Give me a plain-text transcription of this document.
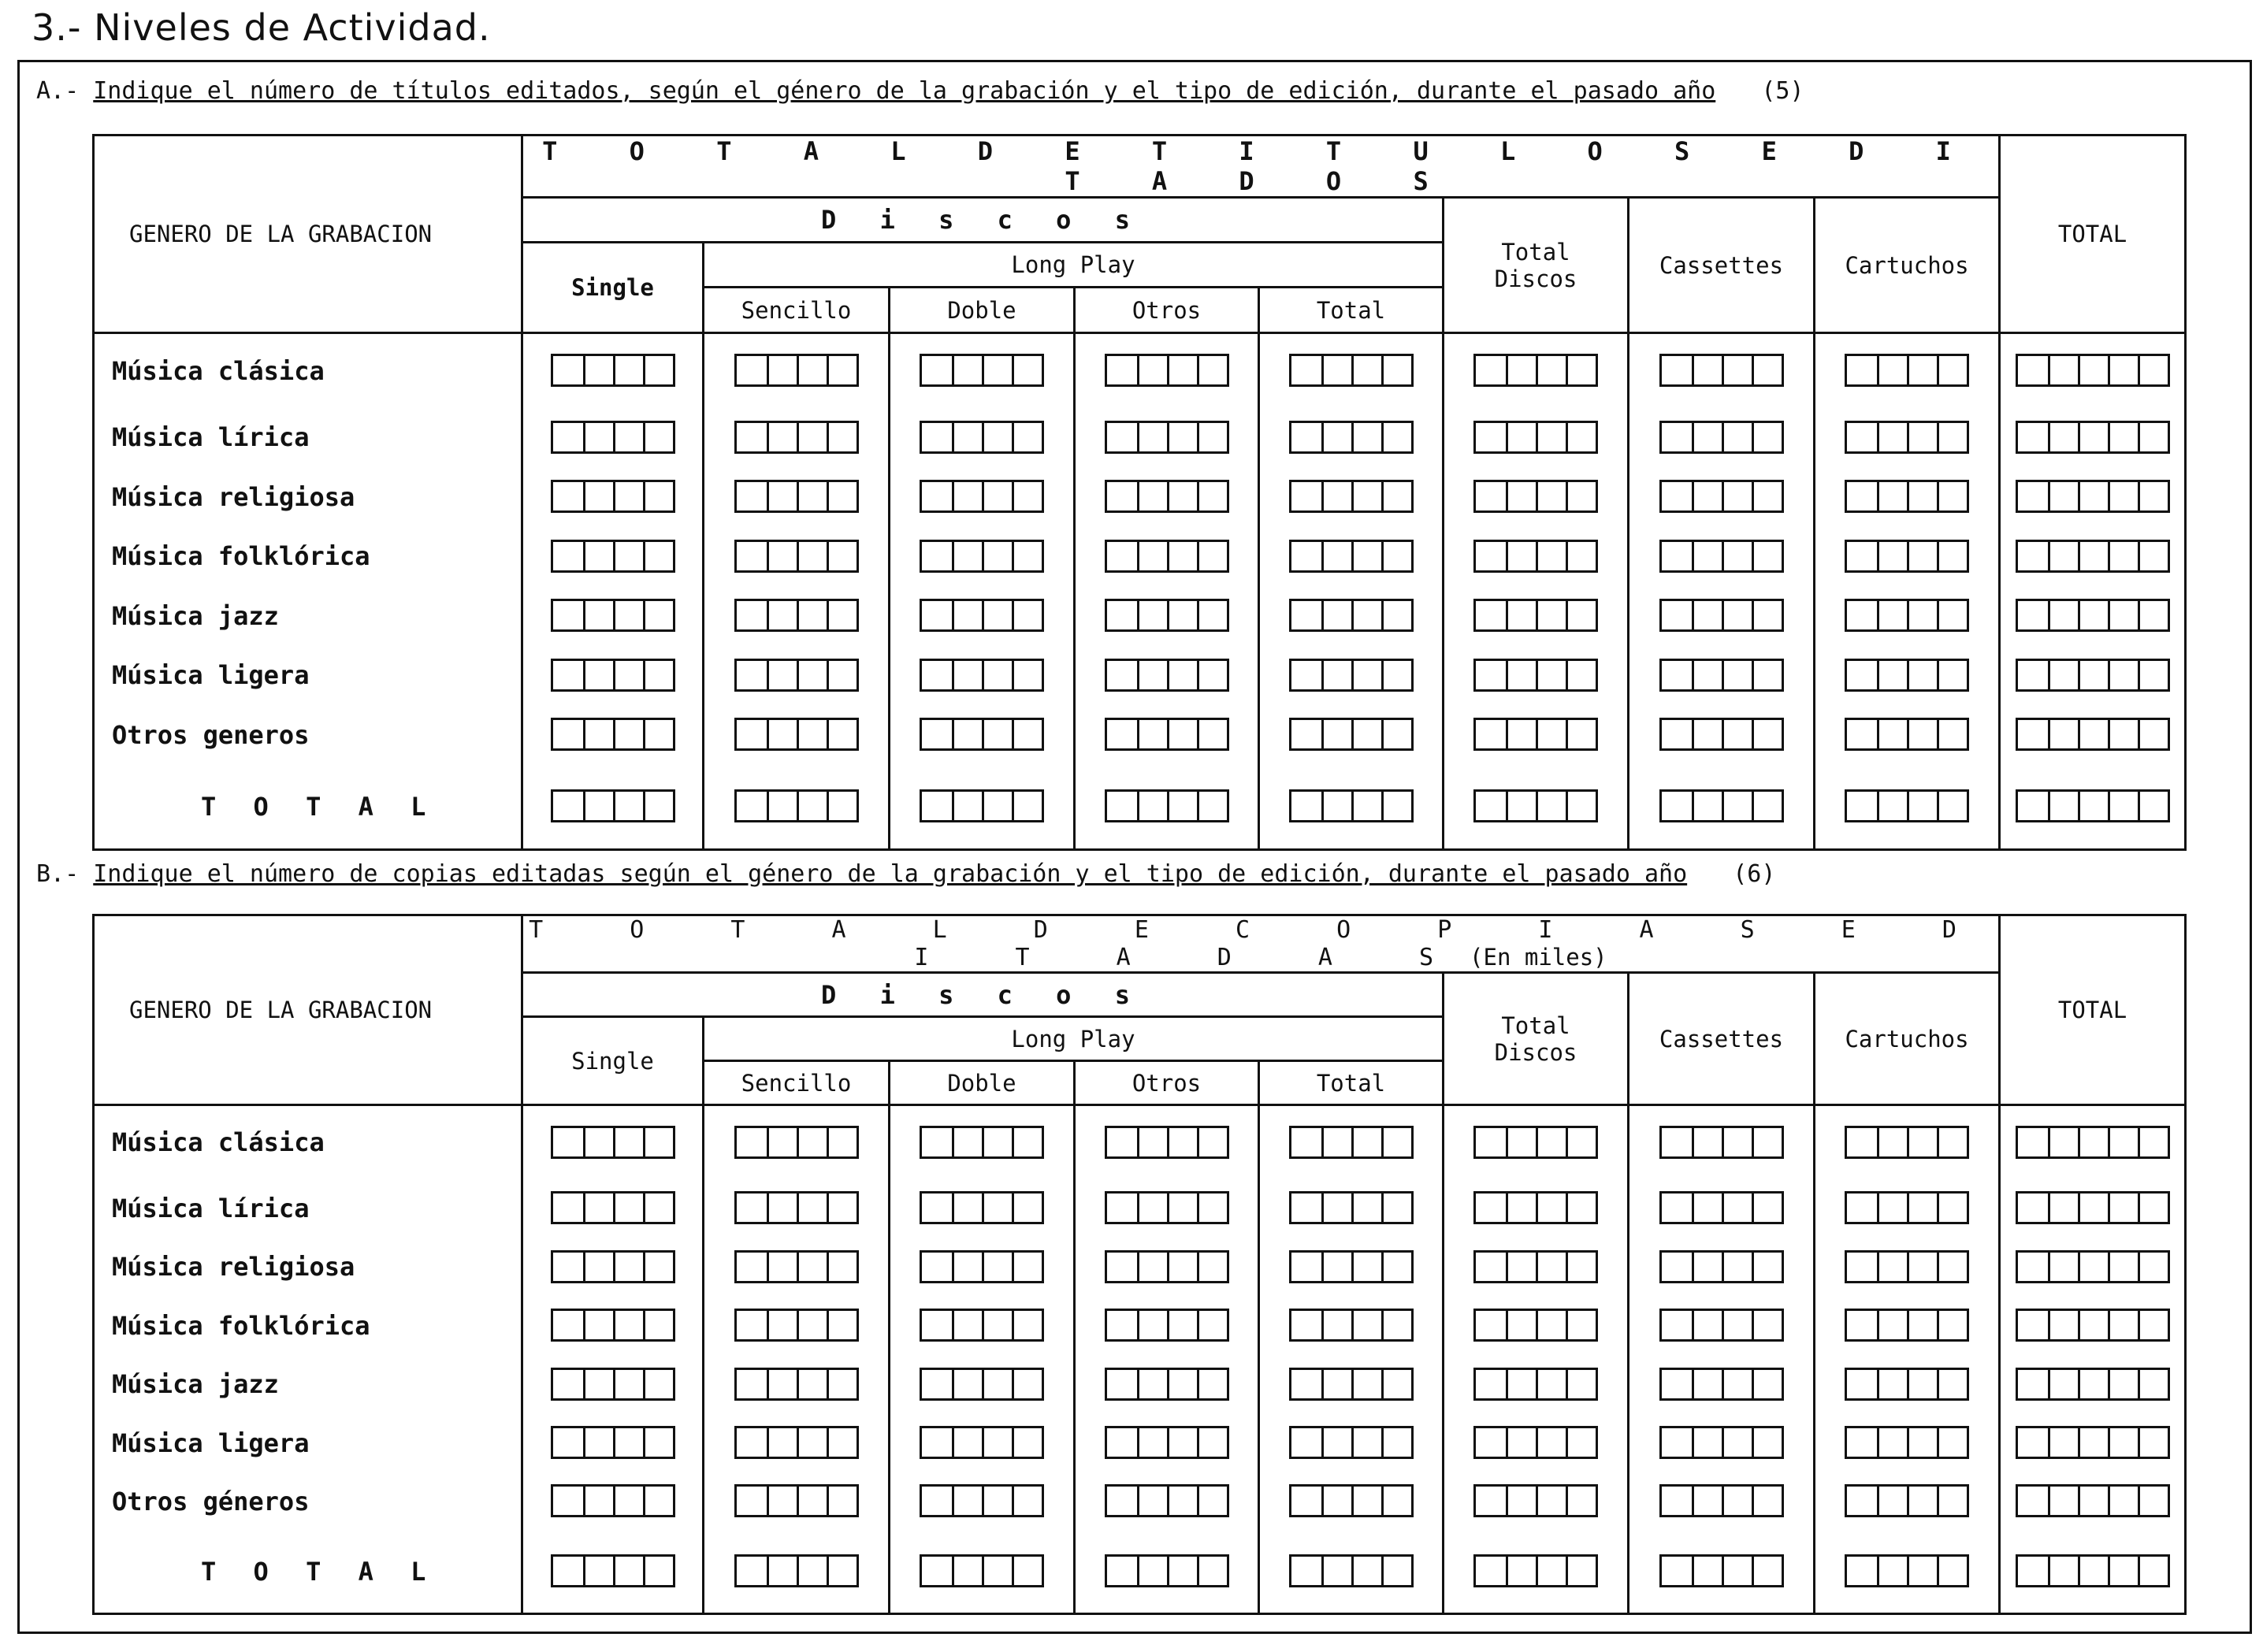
3.- Niveles de Actividad.
A.- Indique el número de títulos editados, según el género de la grabación y el tipo de edición, durante el pasado año (5)
GENERO DE LA GRABACION	T O T A L D E T I T U L O S E D I T A D O S								TOTAL
	D i s c o s					Total Discos	Cassettes	Cartuchos	
	Single	Long Play							
		Sencillo	Doble	Otros	Total				
Música clásica	

Música lírica	

Música religiosa	

Música folklórica	

Música jazz	

Música ligera	

Otros generos	

T O T A L	

B.- Indique el número de copias editadas según el género de la grabación y el tipo de edición, durante el pasado año (6)
GENERO DE LA GRABACION	T O T A L D E C O P I A S E D I T A D A S(En miles)								TOTAL
	D i s c o s					Total Discos	Cassettes	Cartuchos	
	Single	Long Play							
		Sencillo	Doble	Otros	Total				
Música clásica	

Música lírica	

Música religiosa	

Música folklórica	

Música jazz	

Música ligera	

Otros géneros	

T O T A L	
